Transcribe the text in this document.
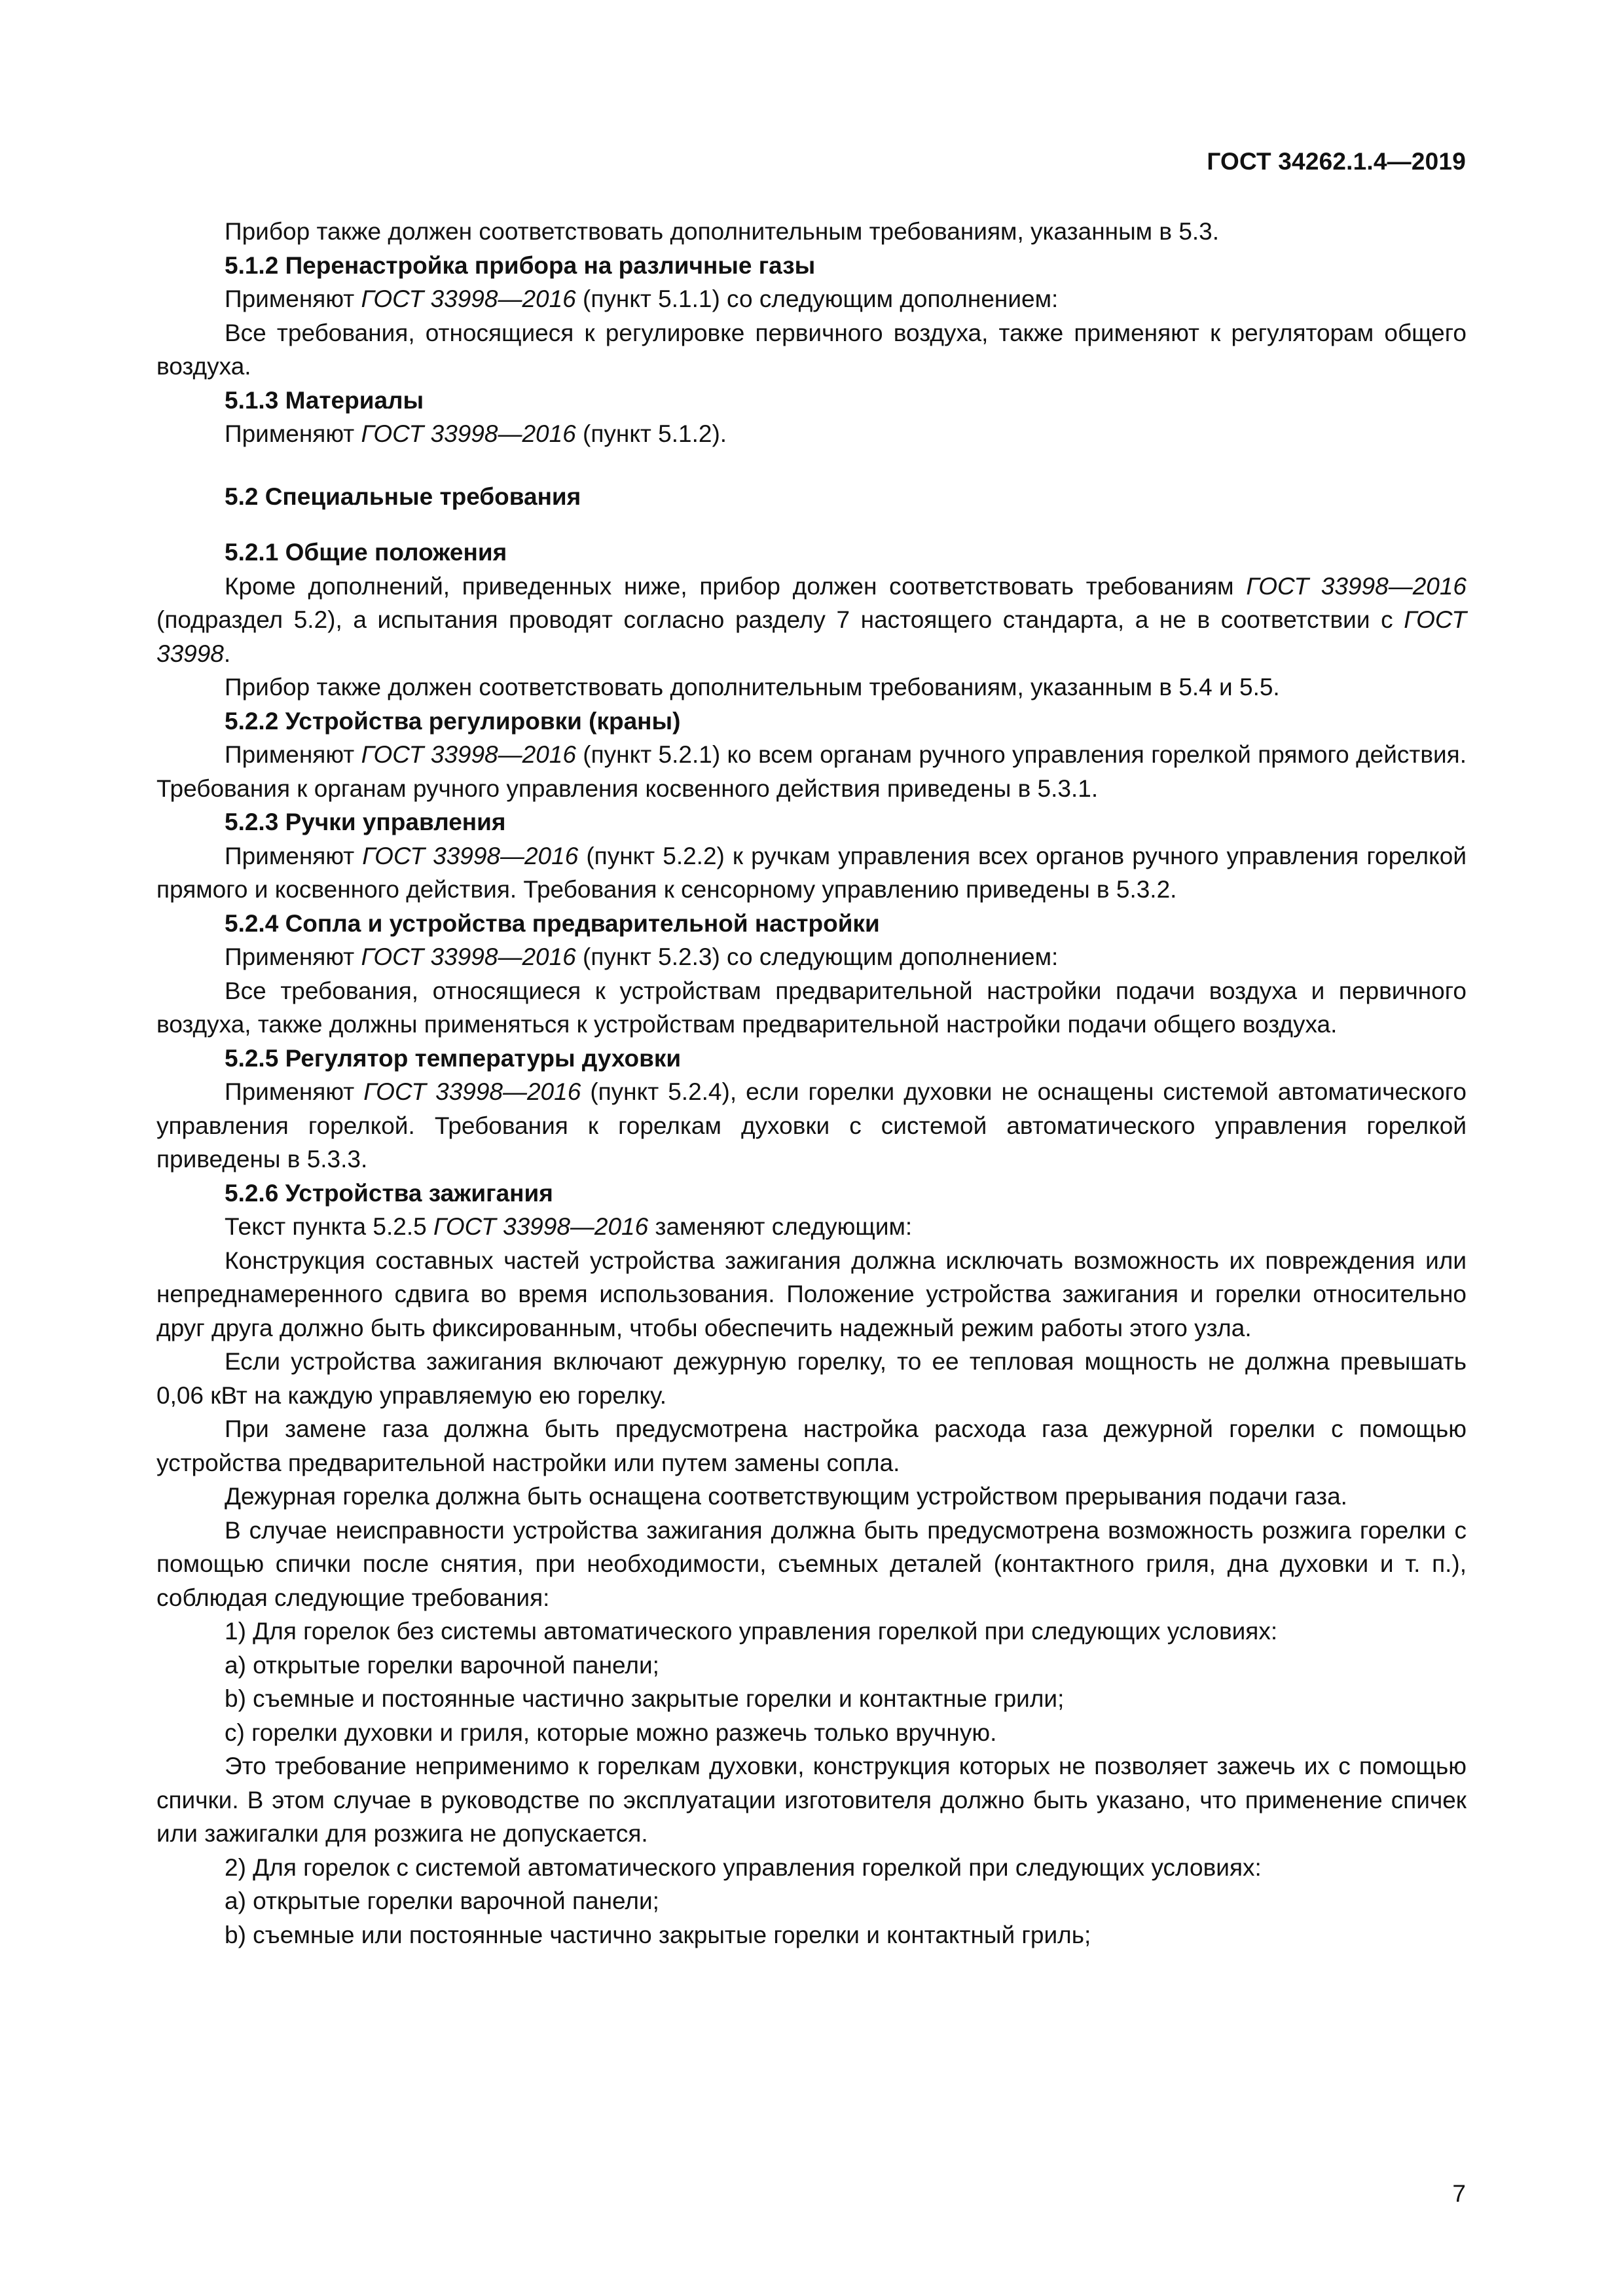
ГОСТ 34262.1.4—2019

Прибор также должен соответствовать дополнительным требованиям, указанным в 5.3.

5.1.2 Перенастройка прибора на различные газы

Применяют ГОСТ 33998—2016 (пункт 5.1.1) со следующим дополнением:

Все требования, относящиеся к регулировке первичного воздуха, также применяют к регуляторам общего воздуха.

5.1.3 Материалы

Применяют ГОСТ 33998—2016 (пункт 5.1.2).

5.2 Специальные требования

5.2.1 Общие положения

Кроме дополнений, приведенных ниже, прибор должен соответствовать требованиям ГОСТ 33998—2016 (подраздел 5.2), а испытания проводят согласно разделу 7 настоящего стандарта, а не в соответствии с ГОСТ 33998.

Прибор также должен соответствовать дополнительным требованиям, указанным в 5.4 и 5.5.

5.2.2 Устройства регулировки (краны)

Применяют ГОСТ 33998—2016 (пункт 5.2.1) ко всем органам ручного управления горелкой прямого действия. Требования к органам ручного управления косвенного действия приведены в 5.3.1.

5.2.3 Ручки управления

Применяют ГОСТ 33998—2016 (пункт 5.2.2) к ручкам управления всех органов ручного управления горелкой прямого и косвенного действия. Требования к сенсорному управлению приведены в 5.3.2.

5.2.4 Сопла и устройства предварительной настройки

Применяют ГОСТ 33998—2016 (пункт 5.2.3) со следующим дополнением:

Все требования, относящиеся к устройствам предварительной настройки подачи воздуха и первичного воздуха, также должны применяться к устройствам предварительной настройки подачи общего воздуха.

5.2.5 Регулятор температуры духовки

Применяют ГОСТ 33998—2016 (пункт 5.2.4), если горелки духовки не оснащены системой автоматического управления горелкой. Требования к горелкам духовки с системой автоматического управления горелкой приведены в 5.3.3.

5.2.6 Устройства зажигания

Текст пункта 5.2.5 ГОСТ 33998—2016 заменяют следующим:

Конструкция составных частей устройства зажигания должна исключать возможность их повреждения или непреднамеренного сдвига во время использования. Положение устройства зажигания и горелки относительно друг друга должно быть фиксированным, чтобы обеспечить надежный режим работы этого узла.

Если устройства зажигания включают дежурную горелку, то ее тепловая мощность не должна превышать 0,06 кВт на каждую управляемую ею горелку.

При замене газа должна быть предусмотрена настройка расхода газа дежурной горелки с помощью устройства предварительной настройки или путем замены сопла.

Дежурная горелка должна быть оснащена соответствующим устройством прерывания подачи газа.

В случае неисправности устройства зажигания должна быть предусмотрена возможность розжига горелки с помощью спички после снятия, при необходимости, съемных деталей (контактного гриля, дна духовки и т. п.), соблюдая следующие требования:

1) Для горелок без системы автоматического управления горелкой при следующих условиях:

a) открытые горелки варочной панели;

b) съемные и постоянные частично закрытые горелки и контактные грили;

c) горелки духовки и гриля, которые можно разжечь только вручную.

Это требование неприменимо к горелкам духовки, конструкция которых не позволяет зажечь их с помощью спички. В этом случае в руководстве по эксплуатации изготовителя должно быть указано, что применение спичек или зажигалки для розжига не допускается.

2) Для горелок с системой автоматического управления горелкой при следующих условиях:

a) открытые горелки варочной панели;

b) съемные или постоянные частично закрытые горелки и контактный гриль;

7
